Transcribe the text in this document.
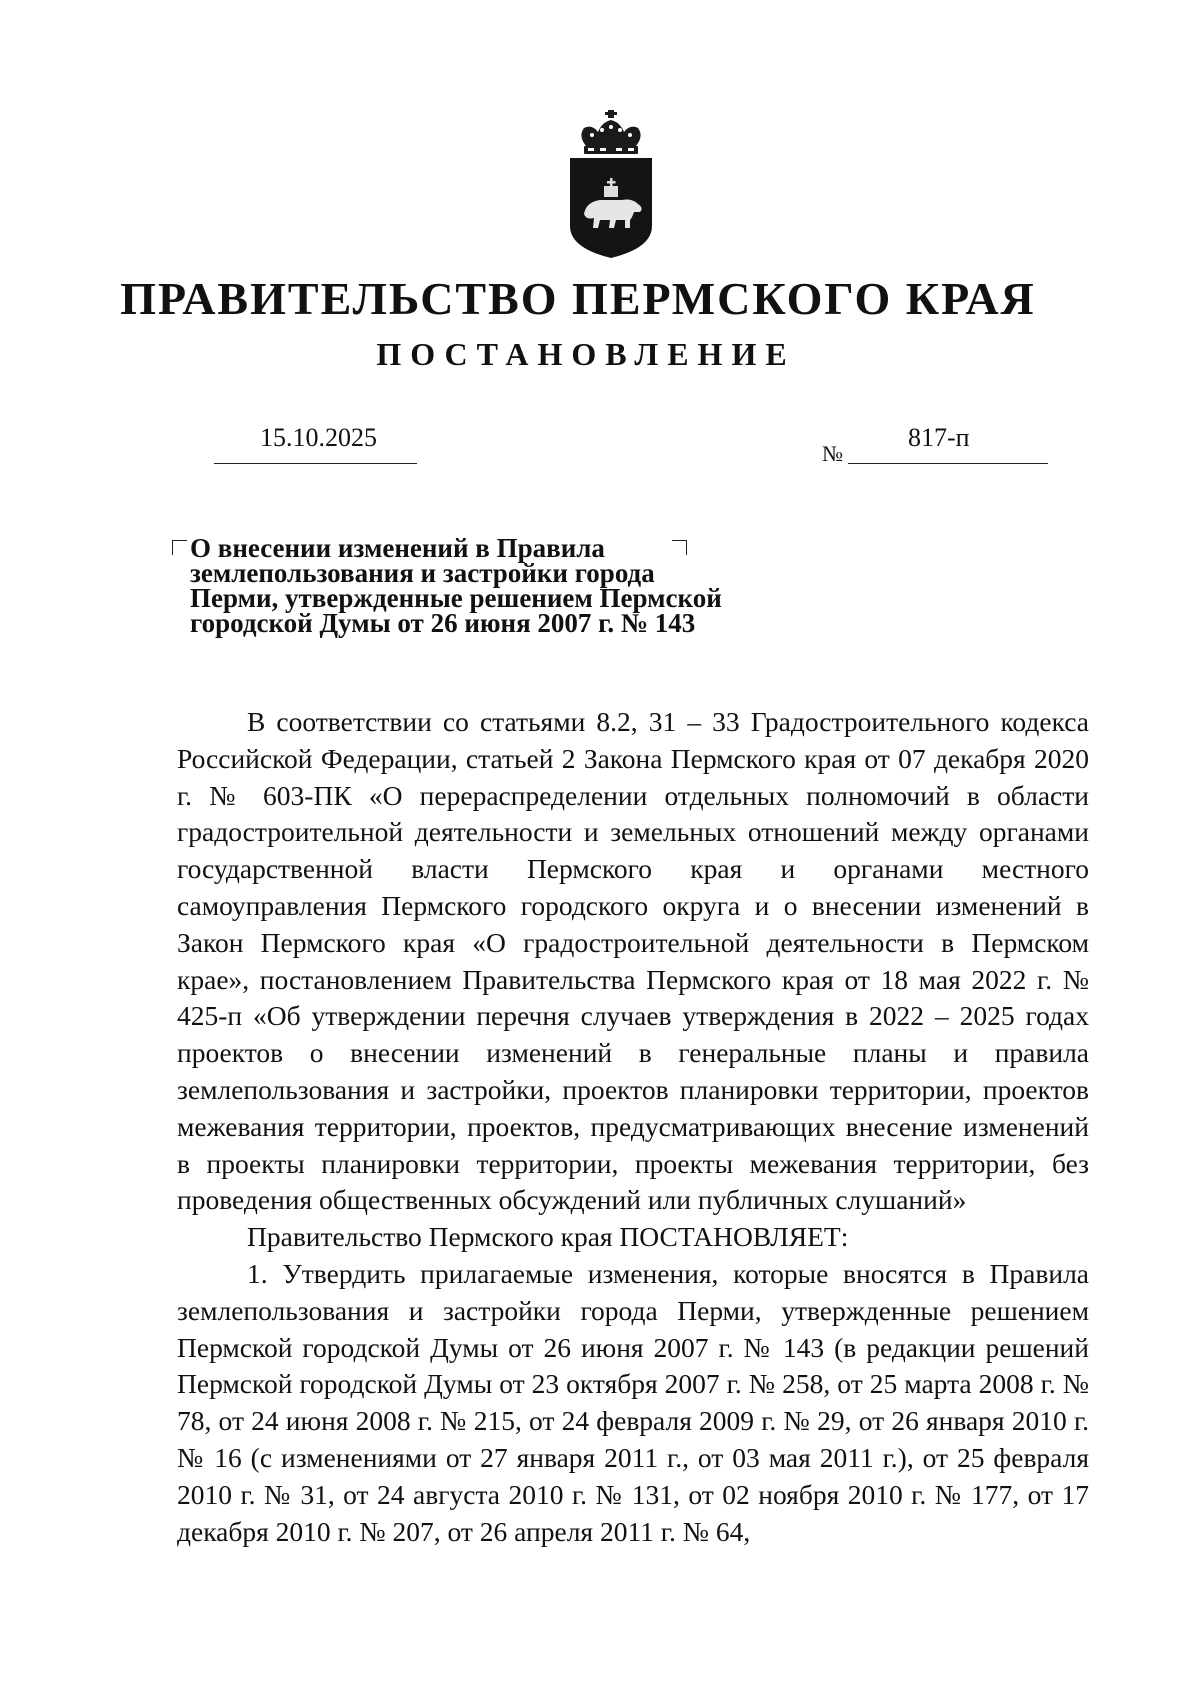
ПРАВИТЕЛЬСТВО ПЕРМСКОГО КРАЯ
ПОСТАНОВЛЕНИЕ
15.10.2025
№
817-п
О внесении изменений в Правила
землепользования и застройки города
Перми, утвержденные решением Пермской
городской Думы от 26 июня 2007 г. № 143

В соответствии со статьями 8.2, 31 – 33 Градостроительного кодекса Российской Федерации, статьей 2 Закона Пермского края от 07 декабря 2020 г. № 603-ПК «О перераспределении отдельных полномочий в области градостроительной деятельности и земельных отношений между органами государственной власти Пермского края и органами местного самоуправления Пермского городского округа и о внесении изменений в Закон Пермского края «О градостроительной деятельности в Пермском крае», постановлением Правительства Пермского края от 18 мая 2022 г. № 425-п «Об утверждении перечня случаев утверждения в 2022 – 2025 годах проектов о внесении изменений в генеральные планы и правила землепользования и застройки, проектов планировки территории, проектов межевания территории, проектов, предусматривающих внесение изменений в проекты планировки территории, проекты межевания территории, без проведения общественных обсуждений или публичных слушаний»

Правительство Пермского края ПОСТАНОВЛЯЕТ:

1. Утвердить прилагаемые изменения, которые вносятся в Правила землепользования и застройки города Перми, утвержденные решением Пермской городской Думы от 26 июня 2007 г. № 143 (в редакции решений Пермской городской Думы от 23 октября 2007 г. № 258, от 25 марта 2008 г. № 78, от 24 июня 2008 г. № 215, от 24 февраля 2009 г. № 29, от 26 января 2010 г. № 16 (с изменениями от 27 января 2011 г., от 03 мая 2011 г.), от 25 февраля 2010 г. № 31, от 24 августа 2010 г. № 131, от 02 ноября 2010 г. № 177, от 17 декабря 2010 г. № 207, от 26 апреля 2011 г. № 64,
